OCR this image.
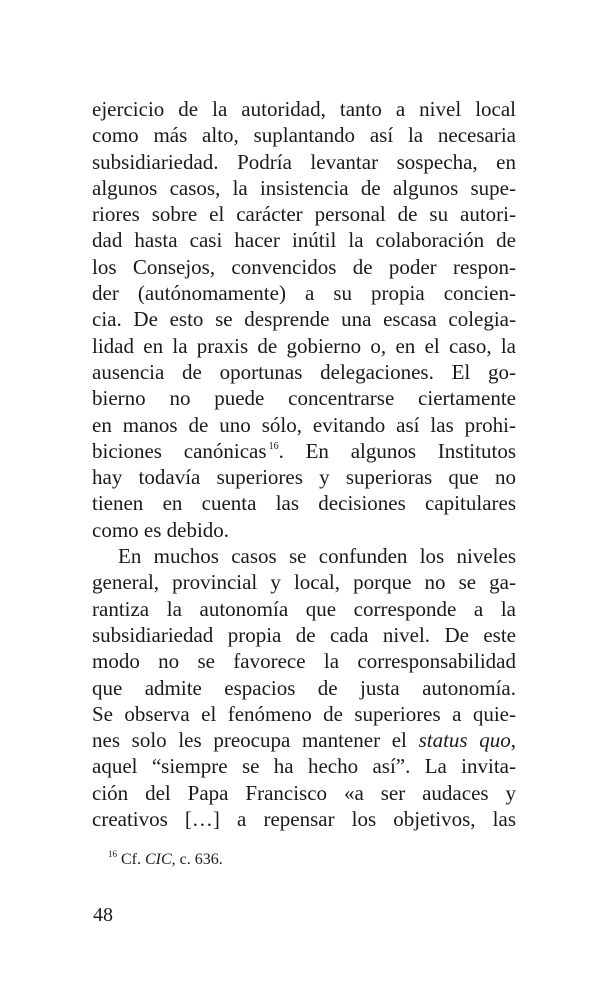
ejercicio de la autoridad, tanto a nivel local
como más alto, suplantando así la necesaria
subsidiariedad. Podría levantar sospecha, en
algunos casos, la insistencia de algunos supe-
riores sobre el carácter personal de su autori-
dad hasta casi hacer inútil la colaboración de
los Consejos, convencidos de poder respon-
der (autónomamente) a su propia concien-
cia. De esto se desprende una escasa colegia-
lidad en la praxis de gobierno o, en el caso, la
ausencia de oportunas delegaciones. El go-
bierno no puede concentrarse ciertamente
en manos de uno sólo, evitando así las prohi-
biciones canónicas $^{16}$. En algunos Institutos
hay todavía superiores y superioras que no
tienen en cuenta las decisiones capitulares
como es debido.
En muchos casos se confunden los niveles
general, provincial y local, porque no se ga-
rantiza la autonomía que corresponde a la
subsidiariedad propia de cada nivel. De este
modo no se favorece la corresponsabilidad
que admite espacios de justa autonomía.
Se observa el fenómeno de superiores a quie-
nes solo les preocupa mantener el status quo,
aquel “siempre se ha hecho así”. La invita-
ción del Papa Francisco «a ser audaces y
creativos […] a repensar los objetivos, las
$^{16}$ Cf. CIC, c. 636.
48
